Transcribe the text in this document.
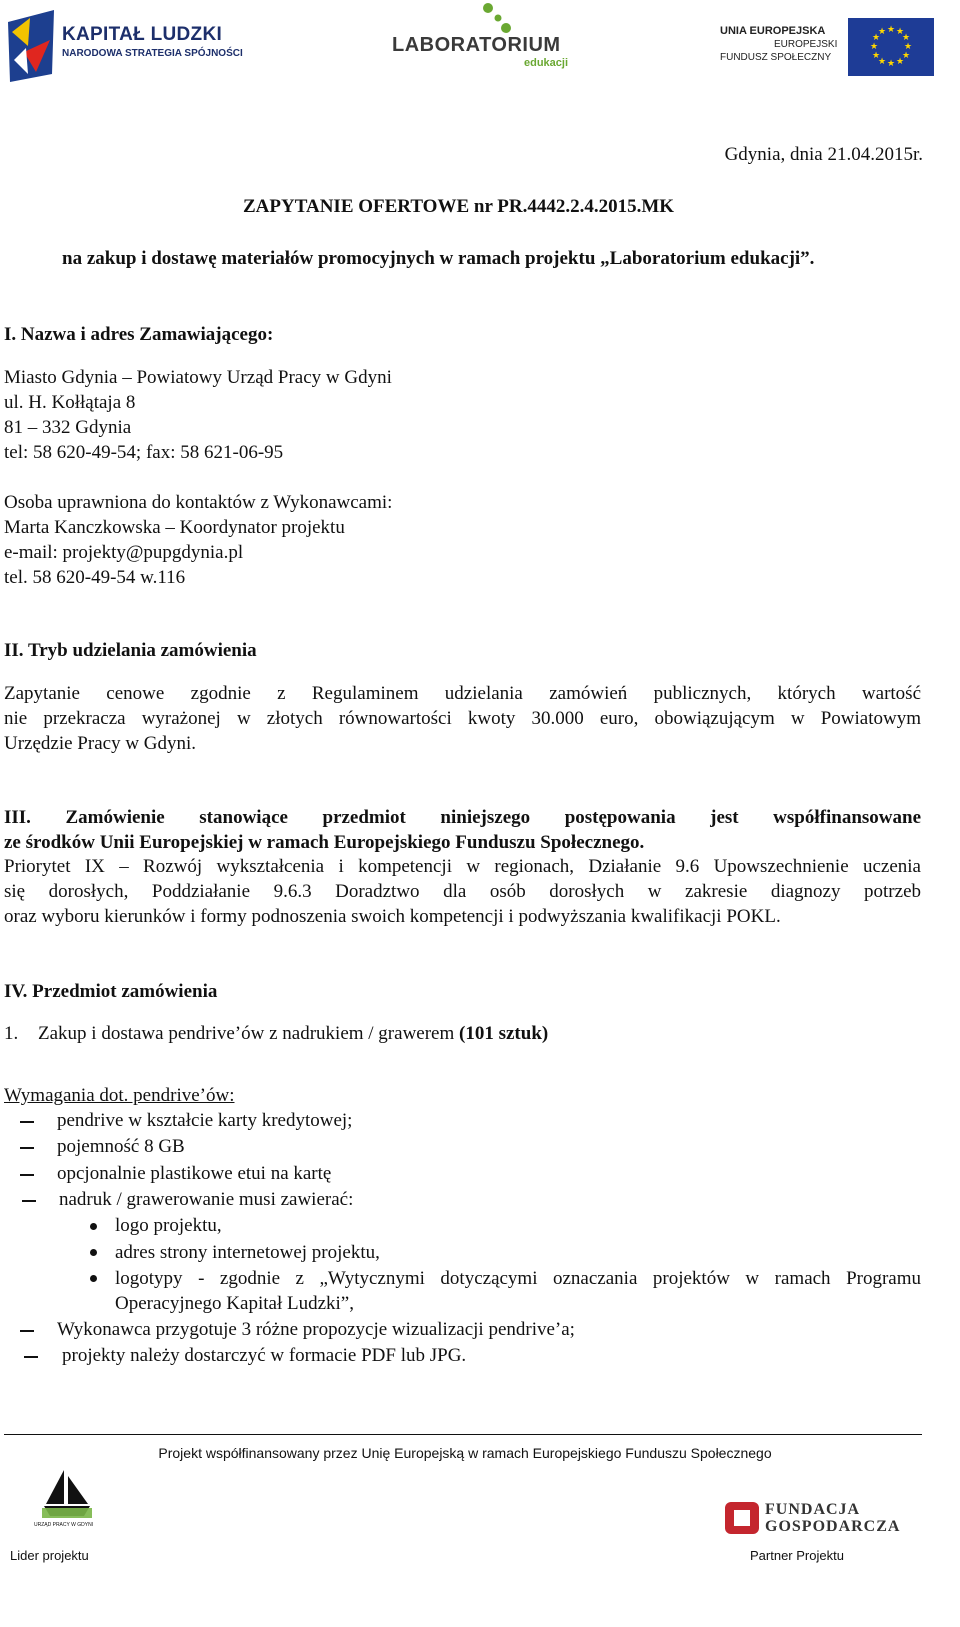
KAPITAŁ LUDZKI
NARODOWA STRATEGIA SPÓJNOŚCI	LABORATORIUM
edukacji
UNIA EUROPEJSKA
EUROPEJSKI
FUNDUSZ SPOŁECZNY
★ ★
★
★
★
★
★
★
★
★
★
★
Gdynia, dnia 21.04.2015r.
ZAPYTANIE OFERTOWE nr PR.4442.2.4.2015.MK
na zakup i dostawę materiałów promocyjnych w ramach projektu „Laboratorium edukacji”.
I. Nazwa i adres Zamawiającego:
Miasto Gdynia – Powiatowy Urząd Pracy w Gdyni
ul. H. Kołłątaja 8
81 – 332 Gdynia
tel: 58 620-49-54; fax: 58 621-06-95
Osoba uprawniona do kontaktów z Wykonawcami:
Marta Kanczkowska – Koordynator projektu
e-mail: projekty@pupgdynia.pl
tel. 58 620-49-54 w.116
II. Tryb udzielania zamówienia
Zapytanie cenowe zgodnie z Regulaminem udzielania zamówień publicznych, których wartość
nie przekracza wyrażonej w złotych równowartości kwoty 30.000 euro, obowiązującym w Powiatowym
Urzędzie Pracy w Gdyni.
III. Zamówienie stanowiące przedmiot niniejszego postępowania jest współfinansowane
ze środków Unii Europejskiej w ramach Europejskiego Funduszu Społecznego.
Priorytet IX – Rozwój wykształcenia i kompetencji w regionach, Działanie 9.6 Upowszechnienie uczenia
się dorosłych, Poddziałanie 9.6.3 Doradztwo dla osób dorosłych w zakresie diagnozy potrzeb
oraz wyboru kierunków i formy podnoszenia swoich kompetencji i podwyższania kwalifikacji POKL.
IV. Przedmiot zamówienia
1. Zakup i dostawa pendrive’ów z nadrukiem / grawerem (101 sztuk)
Wymagania dot. pendrive’ów:
pendrive w kształcie karty kredytowej;
pojemność 8 GB
opcjonalnie plastikowe etui na kartę
nadruk / grawerowanie musi zawierać:
logo projektu,
adres strony internetowej projektu,
logotypy - zgodnie z „Wytycznymi dotyczącymi oznaczania projektów w ramach Programu
Operacyjnego Kapitał Ludzki”,
Wykonawca przygotuje 3 różne propozycje wizualizacji pendrive’a;
projekty należy dostarczyć w formacie PDF lub JPG.
Projekt współfinansowany przez Unię Europejską w ramach Europejskiego Funduszu Społecznego
URZĄD PRACY W GDYNI
Lider projektu
FUNDACJA
GOSPODARCZA
Partner Projektu
